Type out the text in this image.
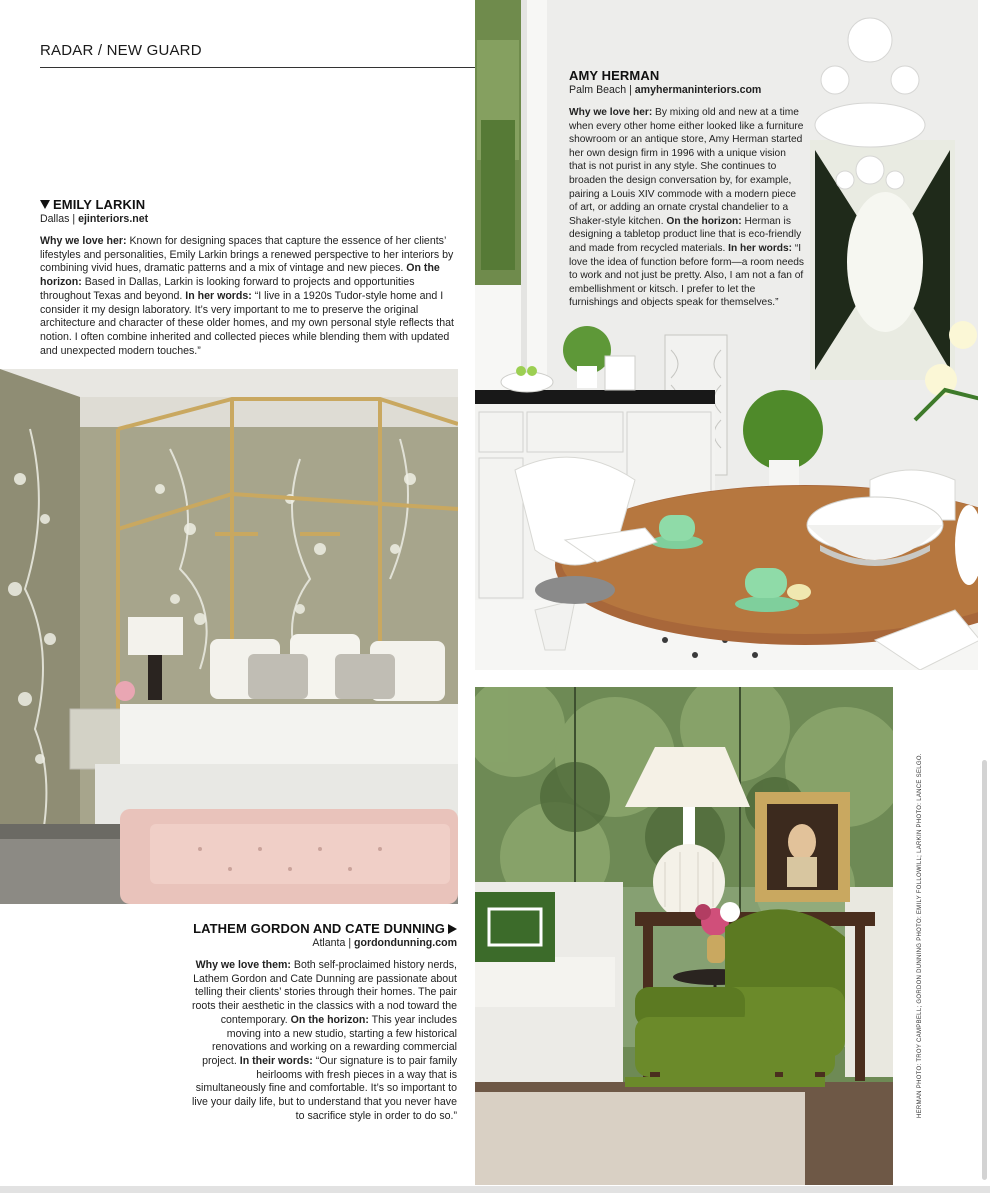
RADAR / NEW GUARD
EMILY LARKIN
Dallas | ejinteriors.net
Why we love her: Known for designing spaces that capture the essence of her clients’ lifestyles and personalities, Emily Larkin brings a renewed perspective to her interiors by combining vivid hues, dramatic patterns and a mix of vintage and new pieces. On the horizon: Based in Dallas, Larkin is looking forward to projects and opportunities throughout Texas and beyond. In her words: “I live in a 1920s Tudor-style home and I consider it my design laboratory. It’s very important to me to preserve the original architecture and character of these older homes, and my own personal style reflects that notion. I often combine inherited and collected pieces while blending them with updated and unexpected modern touches.”
AMY HERMAN
Palm Beach | amyhermaninteriors.com
Why we love her: By mixing old and new at a time when every other home either looked like a furniture showroom or an antique store, Amy Herman started her own design firm in 1996 with a unique vision that is not purist in any style. She continues to broaden the design conversation by, for example, pairing a Louis XIV commode with a modern piece of art, or adding an ornate crystal chandelier to a Shaker-style kitchen. On the horizon: Herman is designing a tabletop product line that is eco-friendly and made from recycled materials. In her words: “I love the idea of function before form—a room needs to work and not just be pretty. Also, I am not a fan of embellishment or kitsch. I prefer to let the furnishings and objects speak for themselves.”
LATHEM GORDON AND CATE DUNNING
Atlanta | gordondunning.com
Why we love them: Both self-proclaimed history nerds, Lathem Gordon and Cate Dunning are passionate about telling their clients’ stories through their homes. The pair roots their aesthetic in the classics with a nod toward the contemporary. On the horizon: This year includes moving into a new studio, starting a few historical renovations and working on a rewarding commercial project. In their words: “Our signature is to pair family heirlooms with fresh pieces in a way that is simultaneously fine and comfortable. It’s so important to live your daily life, but to understand that you never have to sacrifice style in order to do so.”	HERMAN PHOTO: TROY CAMPBELL; GORDON DUNNING PHOTO: EMILY FOLLOWILL; LARKIN PHOTO: LANCE SELGO.
